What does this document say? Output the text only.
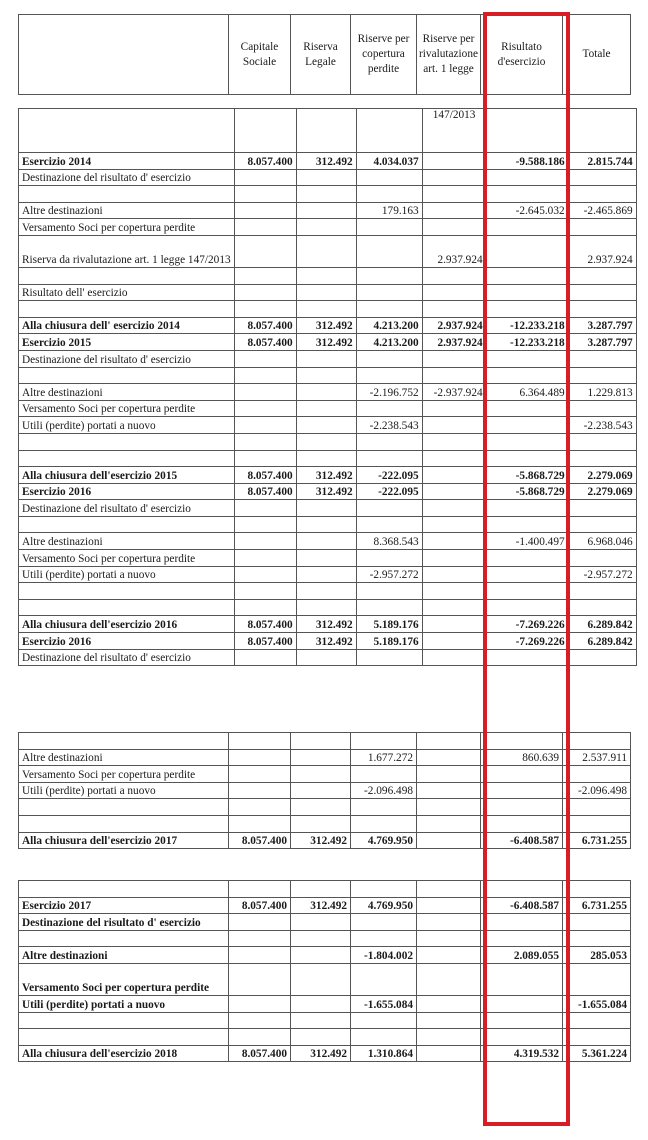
	Capitale Sociale	Riserva Legale	Riserve per copertura perdite	Riserve per rivalutazione art. 1 legge	Risultato d'esercizio	Totale
				147/2013		
Esercizio 2014	8.057.400	312.492	4.034.037		-9.588.186	2.815.744
Destinazione del risultato d' esercizio						

Altre destinazioni			179.163		-2.645.032	-2.465.869
Versamento Soci per copertura perdite						
Riserva da rivalutazione art. 1 legge 147/2013				2.937.924		2.937.924

Risultato dell' esercizio						

Alla chiusura dell' esercizio 2014	8.057.400	312.492	4.213.200	2.937.924	-12.233.218	3.287.797
Esercizio 2015	8.057.400	312.492	4.213.200	2.937.924	-12.233.218	3.287.797
Destinazione del risultato d' esercizio						

Altre destinazioni			-2.196.752	-2.937.924	6.364.489	1.229.813
Versamento Soci per copertura perdite						
Utili (perdite) portati a nuovo			-2.238.543			-2.238.543

Alla chiusura dell'esercizio 2015	8.057.400	312.492	-222.095		-5.868.729	2.279.069
Esercizio 2016	8.057.400	312.492	-222.095		-5.868.729	2.279.069
Destinazione del risultato d' esercizio						

Altre destinazioni			8.368.543		-1.400.497	6.968.046
Versamento Soci per copertura perdite						
Utili (perdite) portati a nuovo			-2.957.272			-2.957.272

Alla chiusura dell'esercizio 2016	8.057.400	312.492	5.189.176		-7.269.226	6.289.842
Esercizio 2016	8.057.400	312.492	5.189.176		-7.269.226	6.289.842
Destinazione del risultato d' esercizio						

Altre destinazioni			1.677.272		860.639	2.537.911
Versamento Soci per copertura perdite						
Utili (perdite) portati a nuovo			-2.096.498			-2.096.498

Alla chiusura dell'esercizio 2017	8.057.400	312.492	4.769.950		-6.408.587	6.731.255

Esercizio 2017	8.057.400	312.492	4.769.950		-6.408.587	6.731.255
Destinazione del risultato d' esercizio						

Altre destinazioni			-1.804.002		2.089.055	285.053
Versamento Soci per copertura perdite						
Utili (perdite) portati a nuovo			-1.655.084			-1.655.084

Alla chiusura dell'esercizio 2018	8.057.400	312.492	1.310.864		4.319.532	5.361.224
